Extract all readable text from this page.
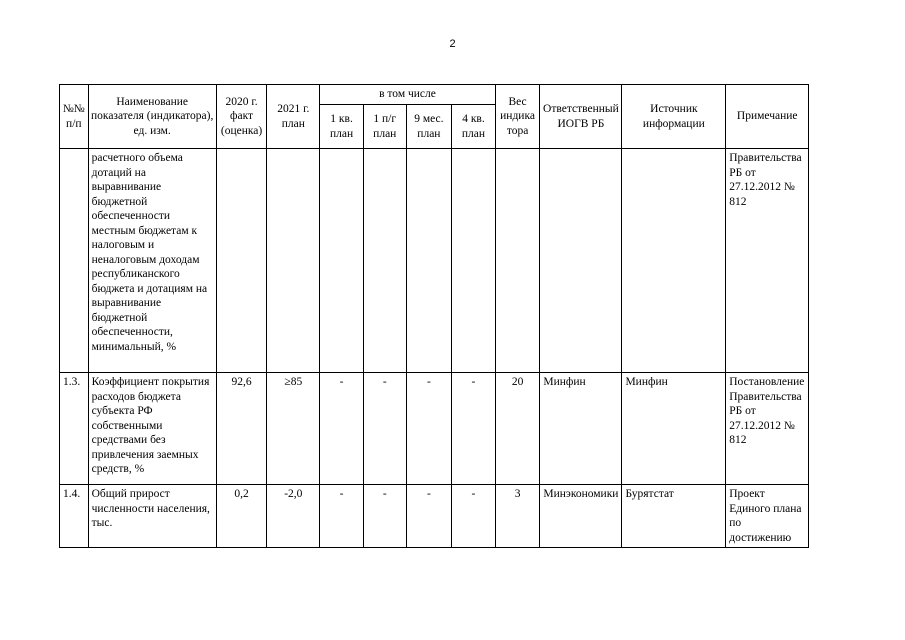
2
№№ п/п	Наименование показателя (индикатора), ед. изм.	2020 г. факт (оценка)	2021 г. план	в том числе				Вес индика тора	Ответственный ИОГВ РБ	Источник информации	Примечание
				1 кв. план	1 п/г план	9 мес. план	4 кв. план				
	расчетного объема дотаций на выравнивание бюджетной обеспеченности местным бюджетам к налоговым и неналоговым доходам республиканского бюджета и дотациям на выравнивание бюджетной обеспеченности, минимальный, %										Правительства РБ от 27.12.2012 № 812
1.3.	Коэффициент покрытия расходов бюджета субъекта РФ собственными средствами без привлечения заемных средств, %	92,6	≥85	-	-	-	-	20	Минфин	Минфин	Постановление Правительства РБ от 27.12.2012 № 812
1.4.	Общий прирост численности населения, тыс.	0,2	-2,0	-	-	-	-	3	Минэкономики	Бурятстат	Проект Единого плана по достижению
